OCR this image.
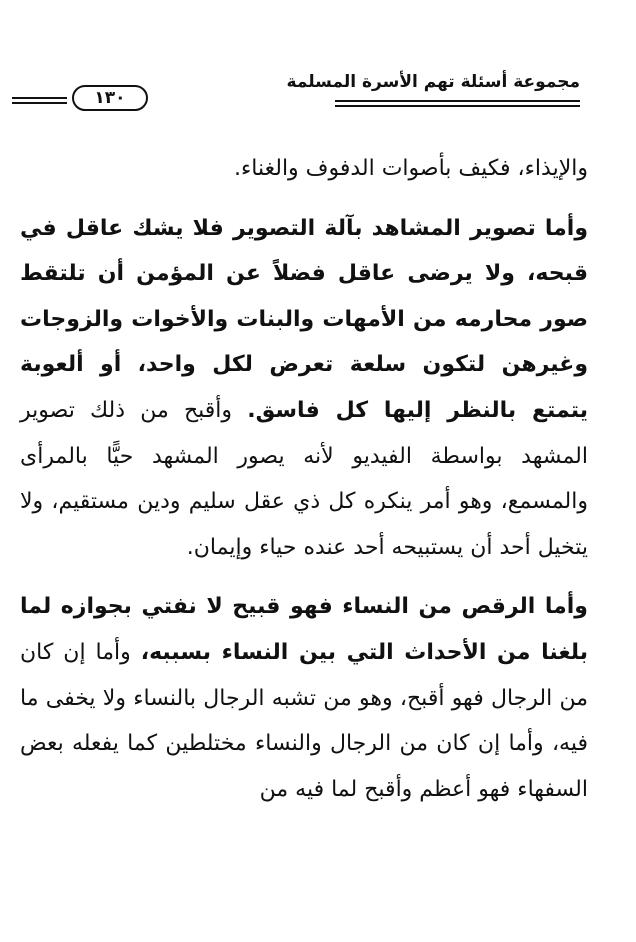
مجموعة أسئلة تهم الأسرة المسلمة
١٣٠

والإيذاء، فكيف بأصوات الدفوف والغناء.

وأما تصوير المشاهد بآلة التصوير فلا يشك عاقل في قبحه، ولا يرضى عاقل فضلاً عن المؤمن أن تلتقط صور محارمه من الأمهات والبنات والأخوات والزوجات وغيرهن لتكون سلعة تعرض لكل واحد، أو ألعوبة يتمتع بالنظر إليها كل فاسق. وأقبح من ذلك تصوير المشهد بواسطة الفيديو لأنه يصور المشهد حيًّا بالمرأى والمسمع، وهو أمر ينكره كل ذي عقل سليم ودين مستقيم، ولا يتخيل أحد أن يستبيحه أحد عنده حياء وإيمان.

وأما الرقص من النساء فهو قبيح لا نفتي بجوازه لما بلغنا من الأحداث التي بين النساء بسببه، وأما إن كان من الرجال فهو أقبح، وهو من تشبه الرجال بالنساء ولا يخفى ما فيه، وأما إن كان من الرجال والنساء مختلطين كما يفعله بعض السفهاء فهو أعظم وأقبح لما فيه من
